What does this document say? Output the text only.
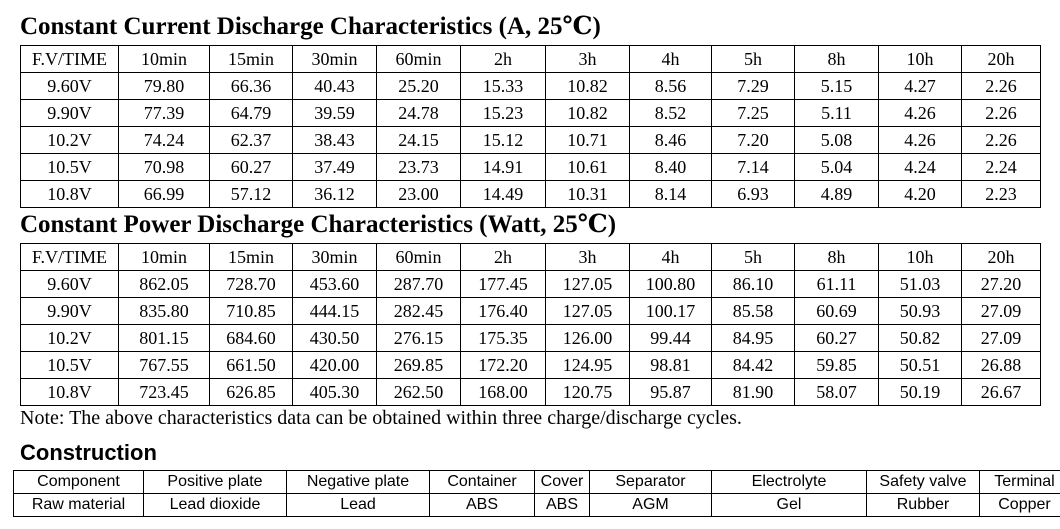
Constant Current Discharge Characteristics (A, 25℃)
F.V/TIME	10min	15min	30min	60min	2h	3h	4h	5h	8h	10h	20h
9.60V	79.80	66.36	40.43	25.20	15.33	10.82	8.56	7.29	5.15	4.27	2.26
9.90V	77.39	64.79	39.59	24.78	15.23	10.82	8.52	7.25	5.11	4.26	2.26
10.2V	74.24	62.37	38.43	24.15	15.12	10.71	8.46	7.20	5.08	4.26	2.26
10.5V	70.98	60.27	37.49	23.73	14.91	10.61	8.40	7.14	5.04	4.24	2.24
10.8V	66.99	57.12	36.12	23.00	14.49	10.31	8.14	6.93	4.89	4.20	2.23
Constant Power Discharge Characteristics (Watt, 25℃)
F.V/TIME	10min	15min	30min	60min	2h	3h	4h	5h	8h	10h	20h
9.60V	862.05	728.70	453.60	287.70	177.45	127.05	100.80	86.10	61.11	51.03	27.20
9.90V	835.80	710.85	444.15	282.45	176.40	127.05	100.17	85.58	60.69	50.93	27.09
10.2V	801.15	684.60	430.50	276.15	175.35	126.00	99.44	84.95	60.27	50.82	27.09
10.5V	767.55	661.50	420.00	269.85	172.20	124.95	98.81	84.42	59.85	50.51	26.88
10.8V	723.45	626.85	405.30	262.50	168.00	120.75	95.87	81.90	58.07	50.19	26.67
Note: The above characteristics data can be obtained within three charge/discharge cycles.
Construction
Component	Positive plate	Negative plate	Container	Cover	Separator	Electrolyte	Safety valve	Terminal
Raw material	Lead dioxide	Lead	ABS	ABS	AGM	Gel	Rubber	Copper
